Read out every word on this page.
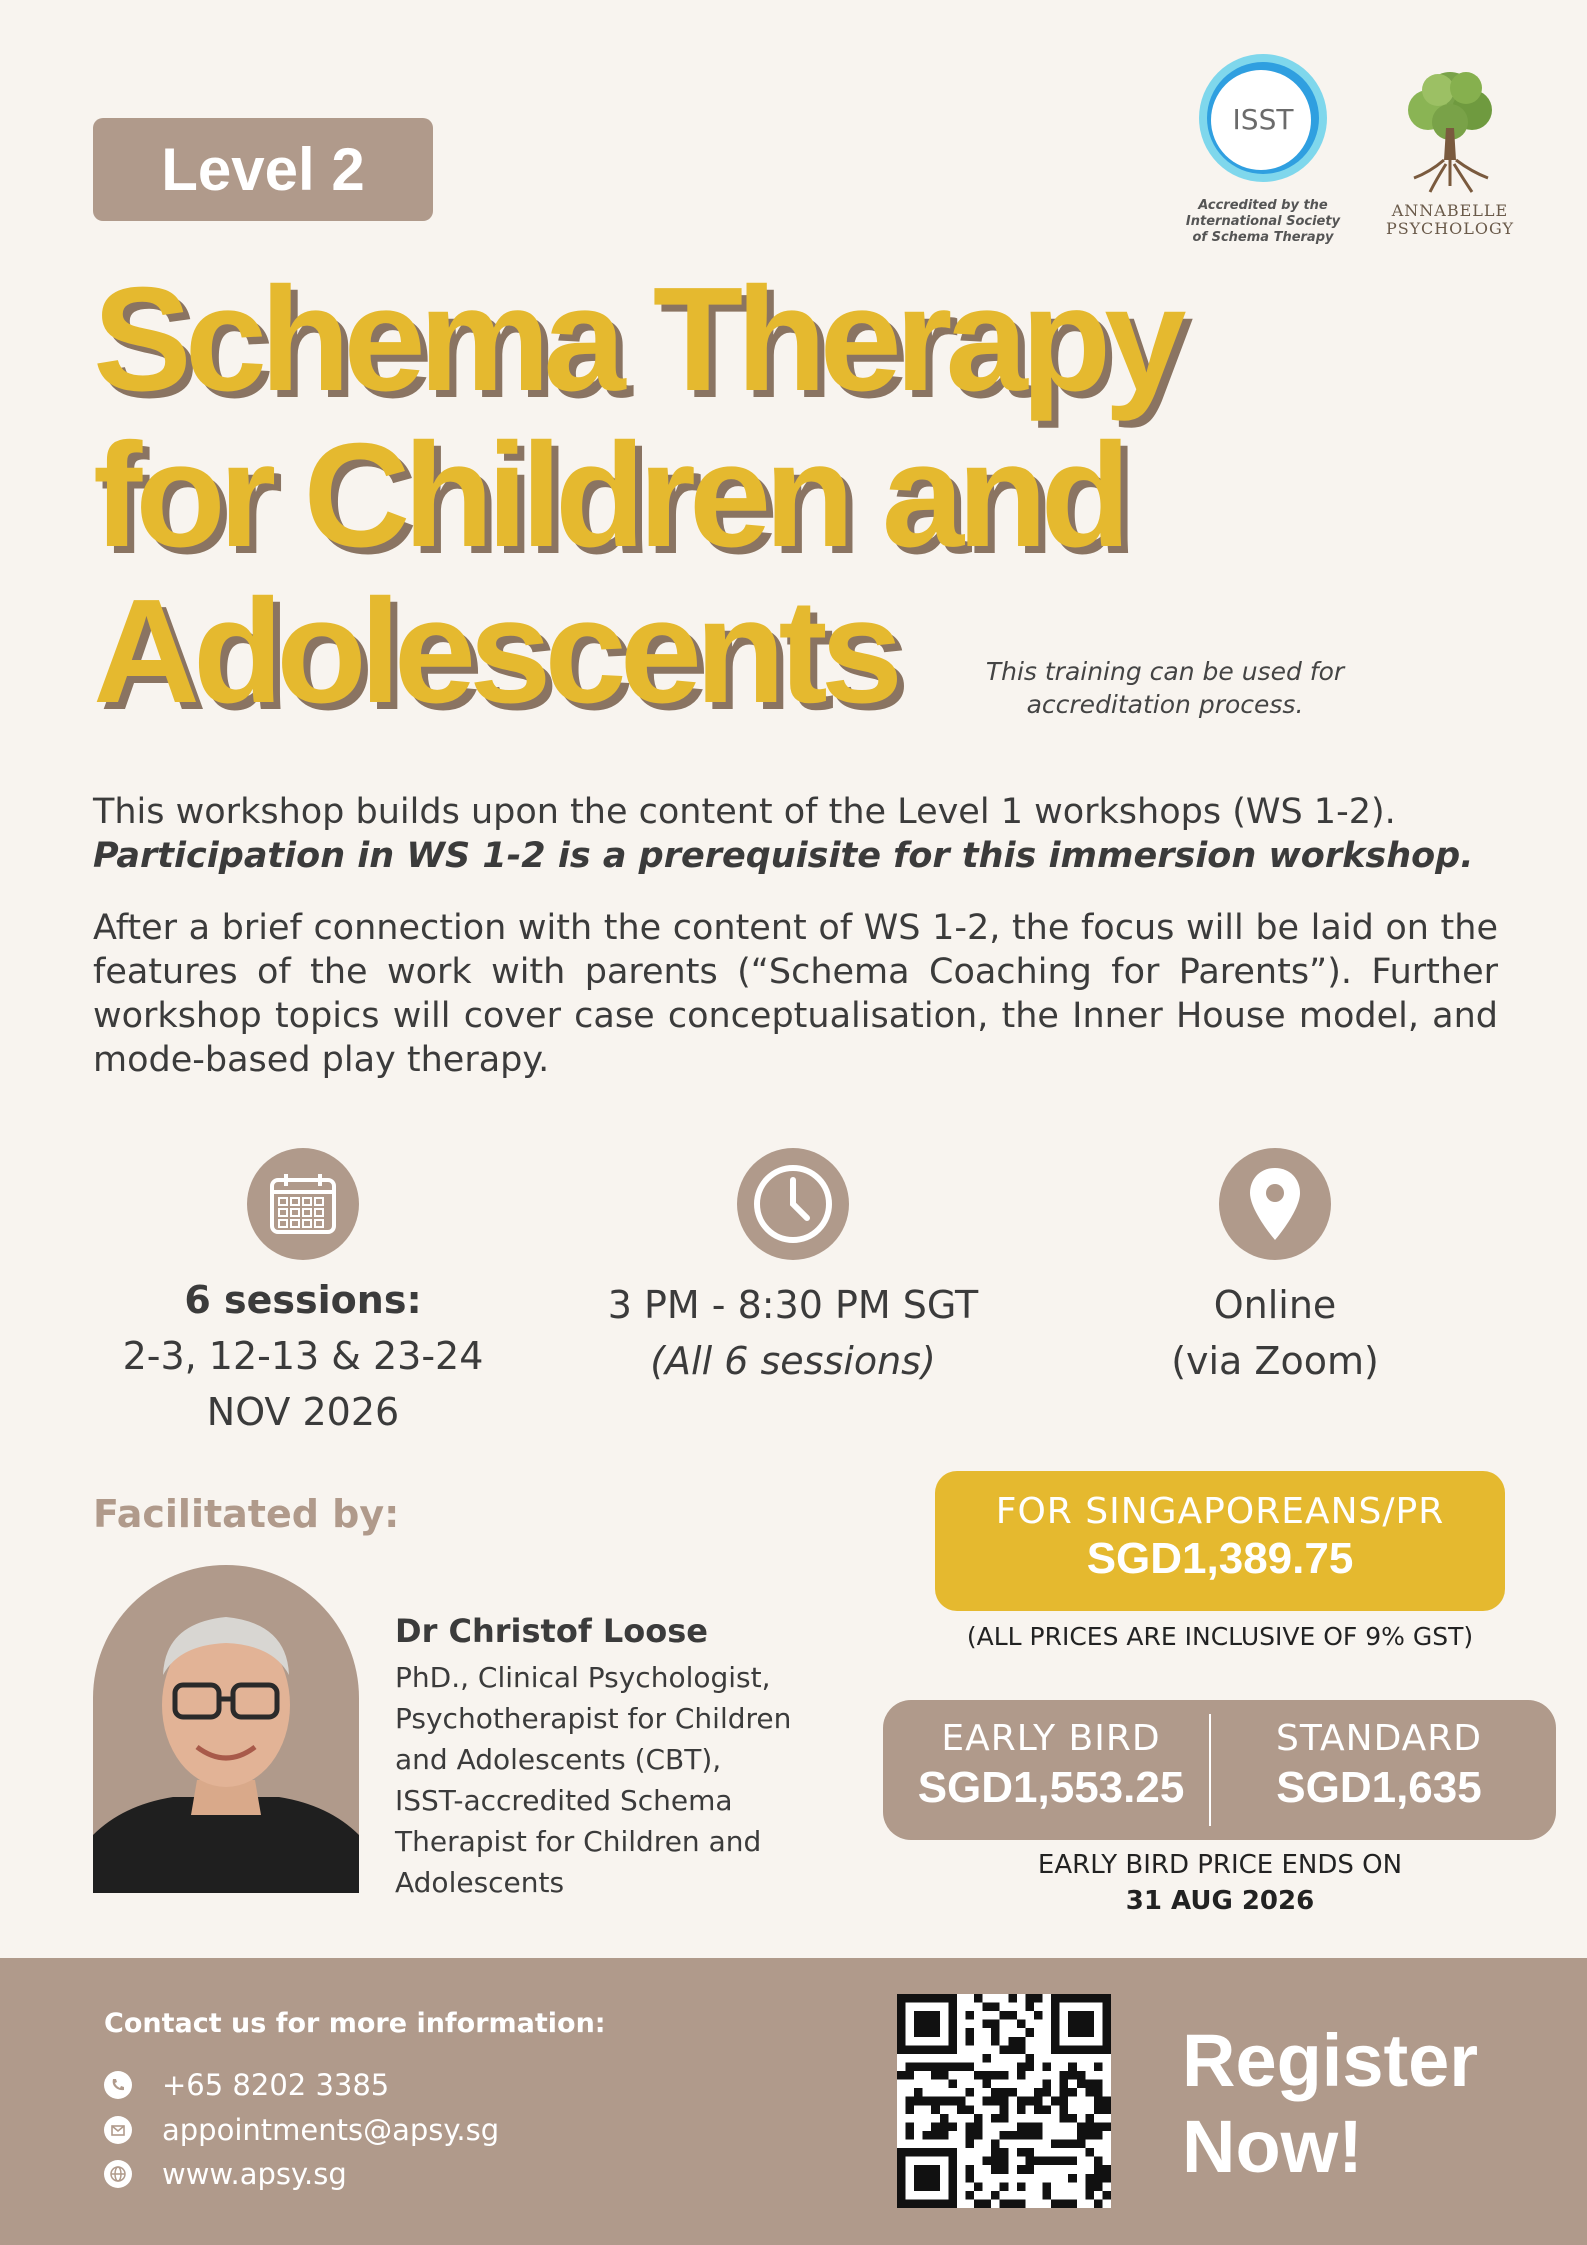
Level 2
ISST
Accredited by the International Society of Schema Therapy
ANNABELLE
PSYCHOLOGY
Schema Therapy
for Children and
Adolescents	This training can be used for accreditation process.
This workshop builds upon the content of the Level 1 workshops (WS 1-2).
Participation in WS 1-2 is a prerequisite for this immersion workshop.
After a brief connection with the content of WS 1-2, the focus will be laid on the features of the work with parents (“Schema Coaching for Parents”). Further workshop topics will cover case conceptualisation, the Inner House model, and mode-based play therapy.
6 sessions:
2-3, 12-13 & 23-24
NOV 2026
3 PM - 8:30 PM SGT
(All 6 sessions)
Online
(via Zoom)
Facilitated by:
Dr Christof Loose
PhD., Clinical Psychologist,
Psychotherapist for Children
and Adolescents (CBT),
ISST-accredited Schema
Therapist for Children and
Adolescents
FOR SINGAPOREANS/PR
SGD1,389.75
(ALL PRICES ARE INCLUSIVE OF 9% GST)
EARLY BIRD
SGD1,553.25
STANDARD
SGD1,635
EARLY BIRD PRICE ENDS ON
31 AUG 2026
Contact us for more information:
+65 8202 3385
appointments@apsy.sg
www.apsy.sg
Register
Now!
